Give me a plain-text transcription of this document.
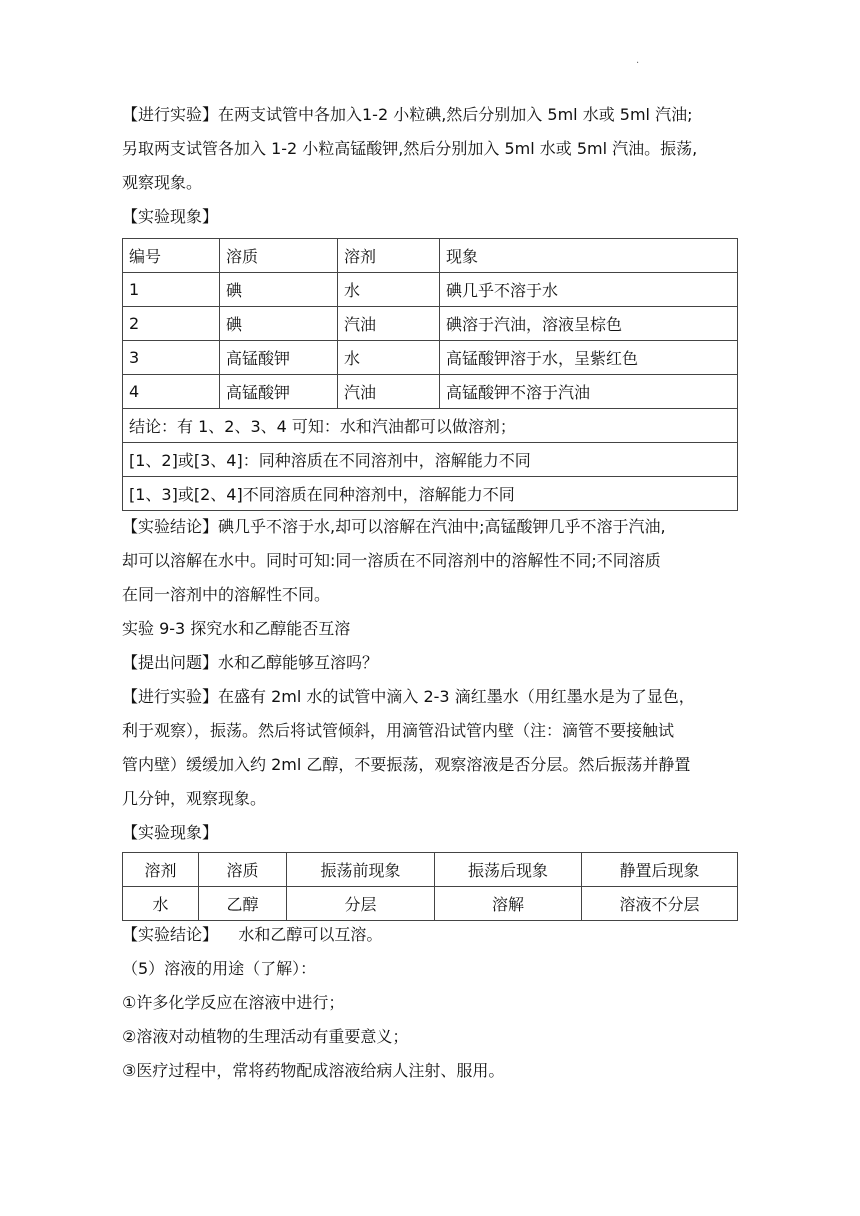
·

【进行实验】在两支试管中各加入1-2 小粒碘,然后分别加入 5ml 水或 5ml 汽油;

另取两支试管各加入 1-2 小粒高锰酸钾,然后分别加入 5ml 水或 5ml 汽油。振荡,

观察现象。

【实验现象】

编号	溶质	溶剂	现象
1	碘	水	碘几乎不溶于水
2	碘	汽油	碘溶于汽油，溶液呈棕色
3	高锰酸钾	水	高锰酸钾溶于水，呈紫红色
4	高锰酸钾	汽油	高锰酸钾不溶于汽油
结论：有 1、2、3、4 可知：水和汽油都可以做溶剂；			
[1、2]或[3、4]：同种溶质在不同溶剂中，溶解能力不同			
[1、3]或[2、4]不同溶质在同种溶剂中，溶解能力不同			

【实验结论】碘几乎不溶于水,却可以溶解在汽油中;高锰酸钾几乎不溶于汽油,

却可以溶解在水中。同时可知:同一溶质在不同溶剂中的溶解性不同;不同溶质

在同一溶剂中的溶解性不同。

实验 9-3 探究水和乙醇能否互溶

【提出问题】水和乙醇能够互溶吗？

【进行实验】在盛有 2ml 水的试管中滴入 2-3 滴红墨水（用红墨水是为了显色，

利于观察），振荡。然后将试管倾斜，用滴管沿试管内壁（注：滴管不要接触试

管内壁）缓缓加入约 2ml 乙醇，不要振荡，观察溶液是否分层。然后振荡并静置

几分钟，观察现象。

【实验现象】

溶剂	溶质	振荡前现象	振荡后现象	静置后现象
水	乙醇	分层	溶解	溶液不分层

【实验结论】    水和乙醇可以互溶。

（5）溶液的用途（了解）：

①许多化学反应在溶液中进行；

②溶液对动植物的生理活动有重要意义；

③医疗过程中，常将药物配成溶液给病人注射、服用。
